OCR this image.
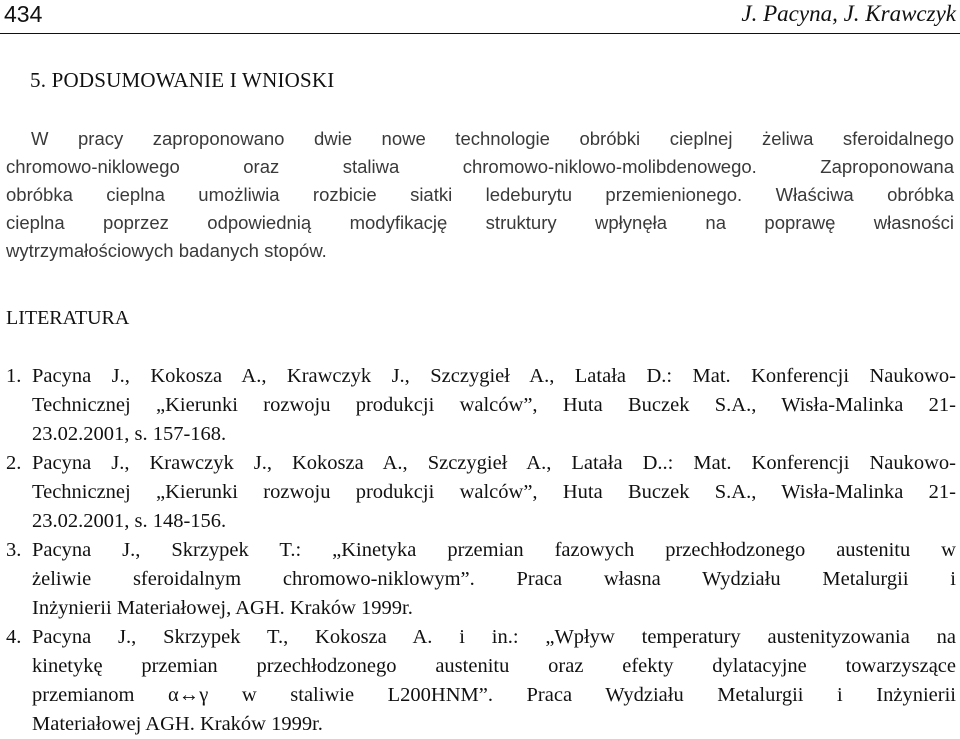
434	J. Pacyna, J. Krawczyk
5. PODSUMOWANIE I WNIOSKI
W pracy zaproponowano dwie nowe technologie obróbki cieplnej żeliwa sferoidalnego
chromowo-niklowego oraz staliwa chromowo-niklowo-molibdenowego. Zaproponowana
obróbka cieplna umożliwia rozbicie siatki ledeburytu przemienionego. Właściwa obróbka
cieplna poprzez odpowiednią modyfikację struktury wpłynęła na poprawę własności
wytrzymałościowych badanych stopów.
LITERATURA
1. Pacyna J., Kokosza A., Krawczyk J., Szczygieł A., Latała D.: Mat. Konferencji Naukowo-
Technicznej „Kierunki rozwoju produkcji walców”, Huta Buczek S.A., Wisła-Malinka 21-
23.02.2001, s. 157-168.
2. Pacyna J., Krawczyk J., Kokosza A., Szczygieł A., Latała D..: Mat. Konferencji Naukowo-
Technicznej „Kierunki rozwoju produkcji walców”, Huta Buczek S.A., Wisła-Malinka 21-
23.02.2001, s. 148-156.
3. Pacyna J., Skrzypek T.: „Kinetyka przemian fazowych przechłodzonego austenitu w
żeliwie sferoidalnym chromowo-niklowym”. Praca własna Wydziału Metalurgii i
Inżynierii Materiałowej, AGH. Kraków 1999r.
4. Pacyna J., Skrzypek T., Kokosza A. i in.: „Wpływ temperatury austenityzowania na
kinetykę przemian przechłodzonego austenitu oraz efekty dylatacyjne towarzyszące
przemianom α↔γ w staliwie L200HNM”. Praca Wydziału Metalurgii i Inżynierii
Materiałowej AGH. Kraków 1999r.
